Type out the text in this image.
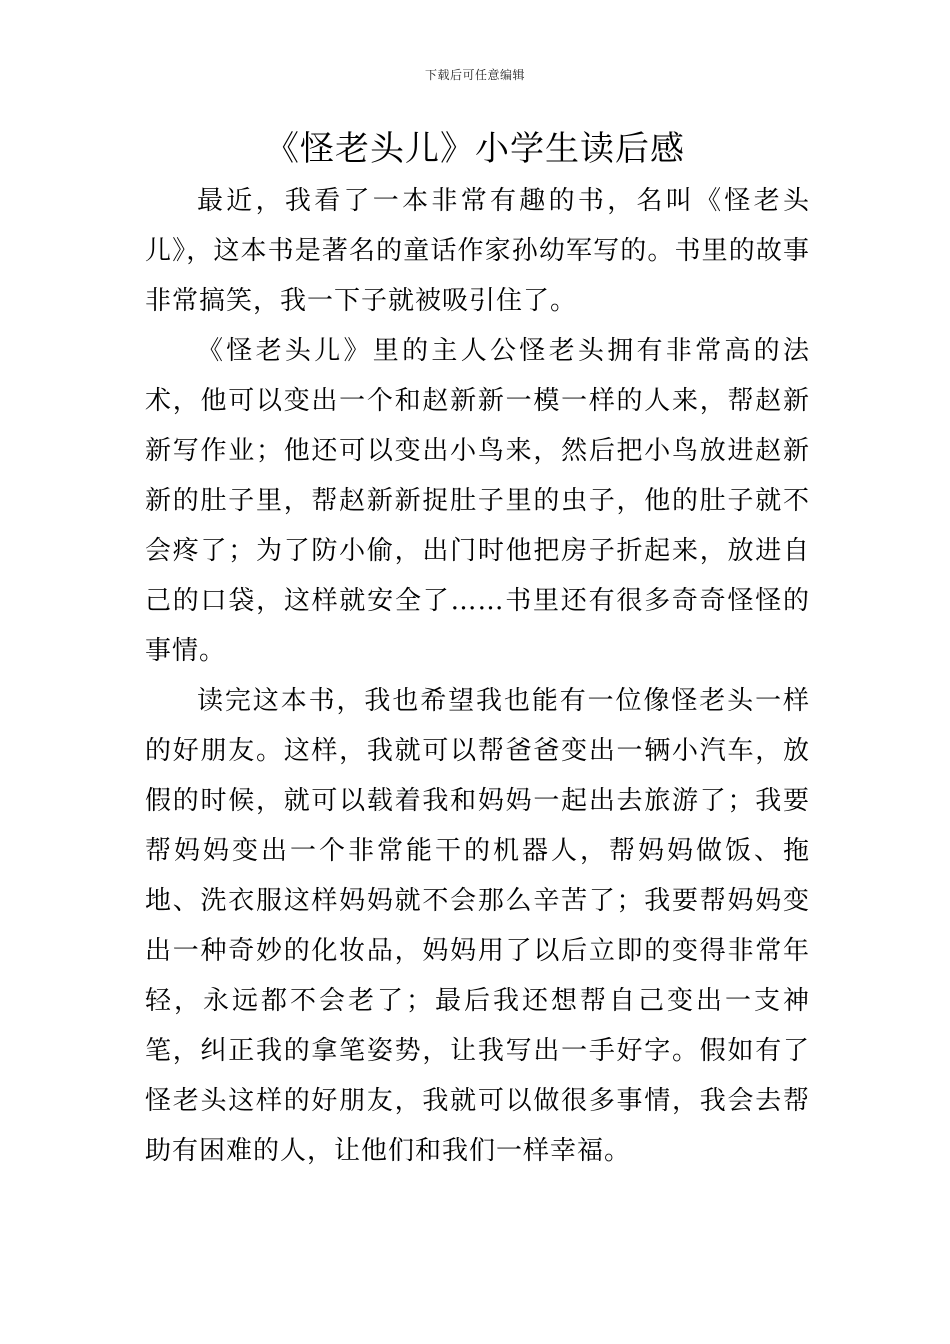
下载后可任意编辑
《怪老头儿》小学生读后感

最近，我看了一本非常有趣的书，名叫《怪老头儿》，这本书是著名的童话作家孙幼军写的。书里的故事非常搞笑，我一下子就被吸引住了。

《怪老头儿》里的主人公怪老头拥有非常高的法术，他可以变出一个和赵新新一模一样的人来，帮赵新新写作业；他还可以变出小鸟来，然后把小鸟放进赵新新的肚子里，帮赵新新捉肚子里的虫子，他的肚子就不会疼了；为了防小偷，出门时他把房子折起来，放进自己的口袋，这样就安全了……书里还有很多奇奇怪怪的事情。

读完这本书，我也希望我也能有一位像怪老头一样的好朋友。这样，我就可以帮爸爸变出一辆小汽车，放假的时候，就可以载着我和妈妈一起出去旅游了；我要帮妈妈变出一个非常能干的机器人，帮妈妈做饭、拖地、洗衣服这样妈妈就不会那么辛苦了；我要帮妈妈变出一种奇妙的化妆品，妈妈用了以后立即的变得非常年轻，永远都不会老了；最后我还想帮自己变出一支神笔，纠正我的拿笔姿势，让我写出一手好字。假如有了怪老头这样的好朋友，我就可以做很多事情，我会去帮助有困难的人，让他们和我们一样幸福。
